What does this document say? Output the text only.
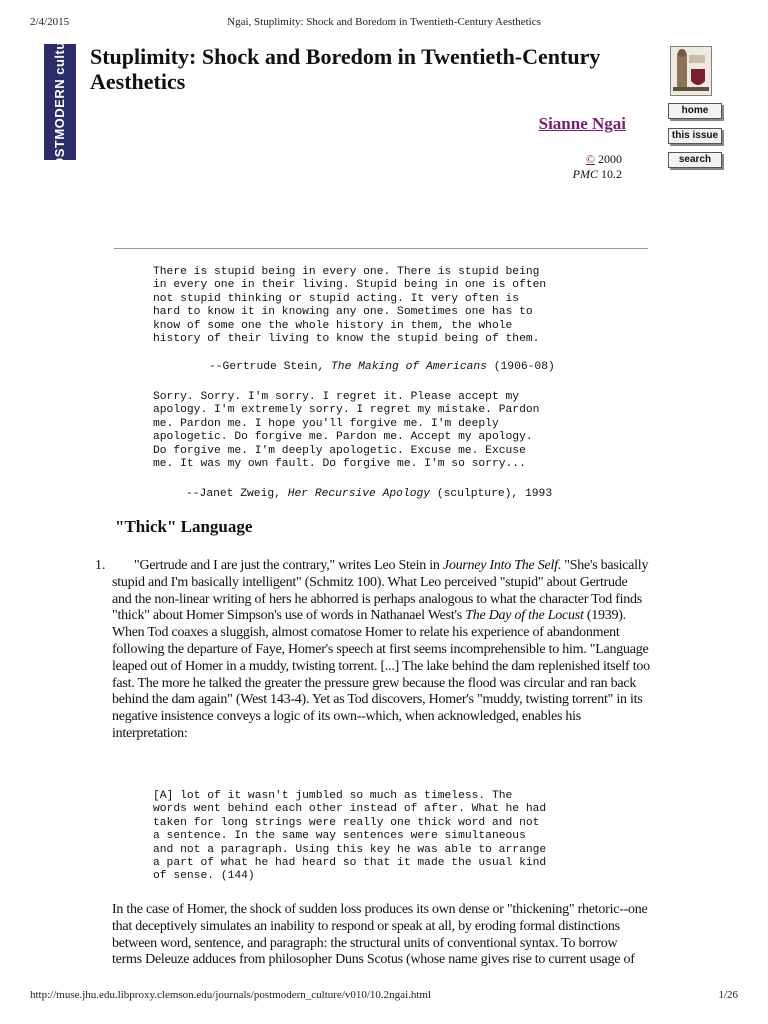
2/4/2015	Ngai, Stuplimity: Shock and Boredom in Twentieth-Century Aesthetics
POSTMODERN culture Stuplimity: Shock and Boredom in Twentieth-Century Aesthetics
Sianne Ngai
© 2000
PMC 10.2
home
this issue
search
There is stupid being in every one. There is stupid being
in every one in their living. Stupid being in one is often
not stupid thinking or stupid acting. It very often is
hard to know it in knowing any one. Sometimes one has to
know of some one the whole history in them, the whole
history of their living to know the stupid being of them.
--Gertrude Stein, The Making of Americans (1906-08)
Sorry. Sorry. I'm sorry. I regret it. Please accept my
apology. I'm extremely sorry. I regret my mistake. Pardon
me. Pardon me. I hope you'll forgive me. I'm deeply
apologetic. Do forgive me. Pardon me. Accept my apology.
Do forgive me. I'm deeply apologetic. Excuse me. Excuse
me. It was my own fault. Do forgive me. I'm so sorry...
--Janet Zweig, Her Recursive Apology (sculpture), 1993
"Thick" Language
1.	"Gertrude and I are just the contrary," writes Leo Stein in Journey Into The Self. "She's basically stupid and I'm basically intelligent" (Schmitz 100). What Leo perceived "stupid" about Gertrude and the non-linear writing of hers he abhorred is perhaps analogous to what the character Tod finds "thick" about Homer Simpson's use of words in Nathanael West's The Day of the Locust (1939). When Tod coaxes a sluggish, almost comatose Homer to relate his experience of abandonment following the departure of Faye, Homer's speech at first seems incomprehensible to him. "Language leaped out of Homer in a muddy, twisting torrent. [...] The lake behind the dam replenished itself too fast. The more he talked the greater the pressure grew because the flood was circular and ran back behind the dam again" (West 143-4). Yet as Tod discovers, Homer's "muddy, twisting torrent" in its negative insistence conveys a logic of its own--which, when acknowledged, enables his interpretation:
[A] lot of it wasn't jumbled so much as timeless. The
words went behind each other instead of after. What he had
taken for long strings were really one thick word and not
a sentence. In the same way sentences were simultaneous
and not a paragraph. Using this key he was able to arrange
a part of what he had heard so that it made the usual kind
of sense. (144)
In the case of Homer, the shock of sudden loss produces its own dense or "thickening" rhetoric--one that deceptively simulates an inability to respond or speak at all, by eroding formal distinctions between word, sentence, and paragraph: the structural units of conventional syntax. To borrow terms Deleuze adduces from philosopher Duns Scotus (whose name gives rise to current usage of
http://muse.jhu.edu.libproxy.clemson.edu/journals/postmodern_culture/v010/10.2ngai.html	1/26
